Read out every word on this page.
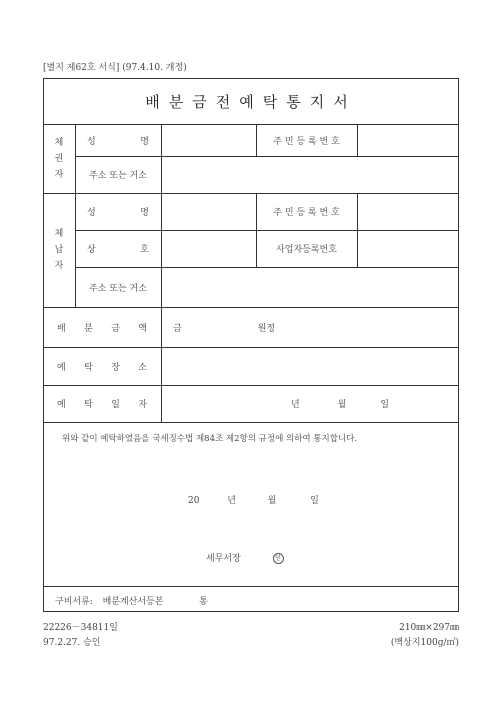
[별지 제62호 서식] (97.4.10. 개정)
배분금전예탁통지서
체
권
자
성	명	주 민 등 록 번 호
주소 또는 거소
체
납
자
성	명	주 민 등 록 번 호
상	호	사업자등록번호
주소 또는 거소
배 분 금 액	금	원정
예 탁 장 소
예 탁 일 자	년	월	일
위와 같이 예탁하였음을 국세징수법 제84조 제2항의 규정에 의하여 통지합니다.
20	년	월	일
세무서장	인
구비서류: 배분계산서등본	통
22226－34811일
97.2.27. 승인
210㎜×297㎜
(백상지100g/㎡)
